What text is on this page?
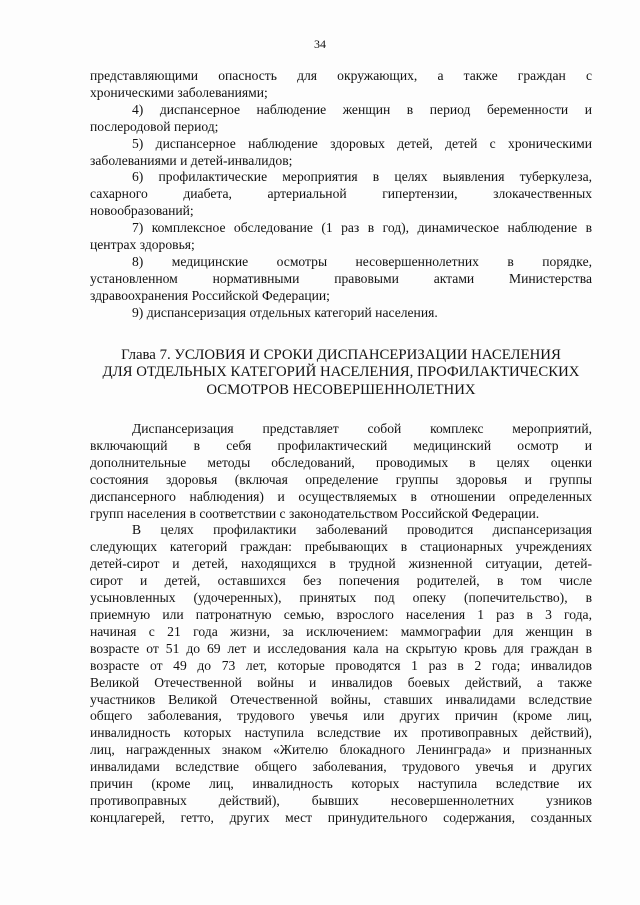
34
представляющими опасность для окружающих, а также граждан с
хроническими заболеваниями;
4) диспансерное наблюдение женщин в период беременности и
послеродовой период;
5) диспансерное наблюдение здоровых детей, детей с хроническими
заболеваниями и детей-инвалидов;
6) профилактические мероприятия в целях выявления туберкулеза,
сахарного диабета, артериальной гипертензии, злокачественных
новообразований;
7) комплексное обследование (1 раз в год), динамическое наблюдение в
центрах здоровья;
8) медицинские осмотры несовершеннолетних в порядке,
установленном нормативными правовыми актами Министерства
здравоохранения Российской Федерации;
9) диспансеризация отдельных категорий населения.
Глава 7. УСЛОВИЯ И СРОКИ ДИСПАНСЕРИЗАЦИИ НАСЕЛЕНИЯ
ДЛЯ ОТДЕЛЬНЫХ КАТЕГОРИЙ НАСЕЛЕНИЯ, ПРОФИЛАКТИЧЕСКИХ
ОСМОТРОВ НЕСОВЕРШЕННОЛЕТНИХ
Диспансеризация представляет собой комплекс мероприятий,
включающий в себя профилактический медицинский осмотр и
дополнительные методы обследований, проводимых в целях оценки
состояния здоровья (включая определение группы здоровья и группы
диспансерного наблюдения) и осуществляемых в отношении определенных
групп населения в соответствии с законодательством Российской Федерации.
В целях профилактики заболеваний проводится диспансеризация
следующих категорий граждан: пребывающих в стационарных учреждениях
детей-сирот и детей, находящихся в трудной жизненной ситуации, детей-
сирот и детей, оставшихся без попечения родителей, в том числе
усыновленных (удочеренных), принятых под опеку (попечительство), в
приемную или патронатную семью, взрослого населения 1 раз в 3 года,
начиная с 21 года жизни, за исключением: маммографии для женщин в
возрасте от 51 до 69 лет и исследования кала на скрытую кровь для граждан в
возрасте от 49 до 73 лет, которые проводятся 1 раз в 2 года; инвалидов
Великой Отечественной войны и инвалидов боевых действий, а также
участников Великой Отечественной войны, ставших инвалидами вследствие
общего заболевания, трудового увечья или других причин (кроме лиц,
инвалидность которых наступила вследствие их противоправных действий),
лиц, награжденных знаком «Жителю блокадного Ленинграда» и признанных
инвалидами вследствие общего заболевания, трудового увечья и других
причин (кроме лиц, инвалидность которых наступила вследствие их
противоправных действий), бывших несовершеннолетних узников
концлагерей, гетто, других мест принудительного содержания, созданных
